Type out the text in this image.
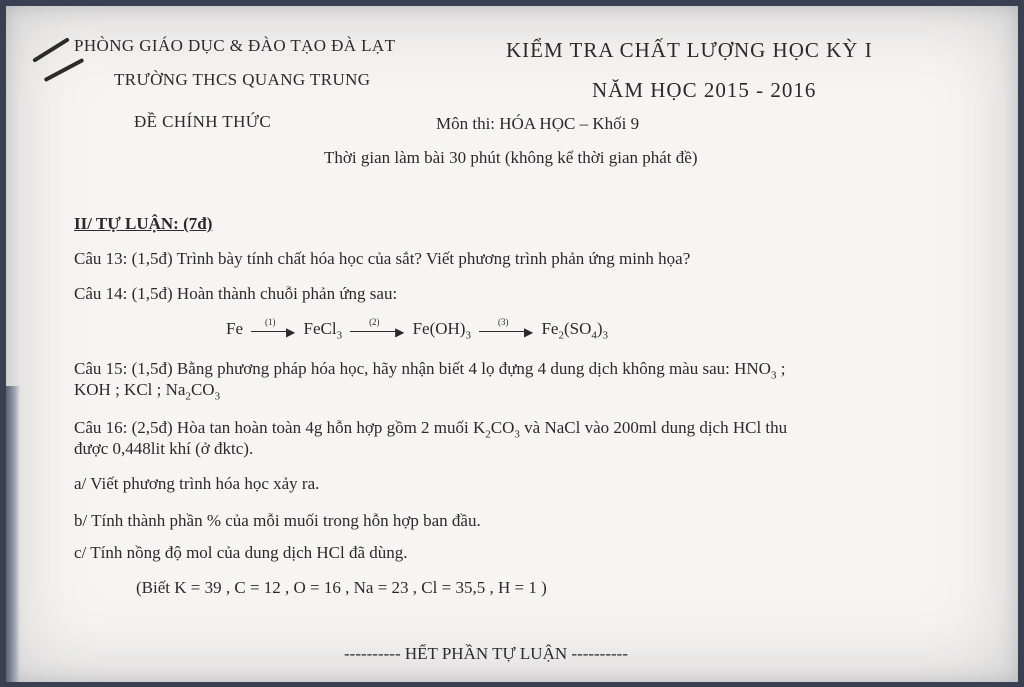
PHÒNG GIÁO DỤC & ĐÀO TẠO ĐÀ LẠT
TRƯỜNG THCS QUANG TRUNG
ĐỀ CHÍNH THỨC
KIỂM TRA CHẤT LƯỢNG HỌC KỲ I
NĂM HỌC 2015 - 2016
Môn thi: HÓA HỌC – Khối 9
Thời gian làm bài 30 phút (không kể thời gian phát đề)
II/ TỰ LUẬN: (7đ)
Câu 13: (1,5đ) Trình bày tính chất hóa học của sắt? Viết phương trình phản ứng minh họa?
Câu 14: (1,5đ) Hoàn thành chuỗi phản ứng sau:
Fe	(1)
▶ FeCl$_3$
(2)
▶ $Fe(OH)_3$
(3)
▶ $Fe_2(SO_4)_3$
Câu 15: (1,5đ) Bằng phương pháp hóa học, hãy nhận biết 4 lọ đựng 4 dung dịch không màu sau: $HNO_3$ ;
KOH ; KCl ; $Na_2CO_3$
Câu 16: (2,5đ) Hòa tan hoàn toàn 4g hỗn hợp gồm 2 muối $K_2CO_3$ và NaCl vào 200ml dung dịch HCl thu
được 0,448lit khí (ở đktc).
a/ Viết phương trình hóa học xảy ra.
b/ Tính thành phần % của mỗi muối trong hỗn hợp ban đầu.
c/ Tính nồng độ mol của dung dịch HCl đã dùng.
(Biết K = 39 , C = 12 , O = 16 , Na = 23 , Cl = 35,5 , H = 1 )
---------- HẾT PHẦN TỰ LUẬN ----------
